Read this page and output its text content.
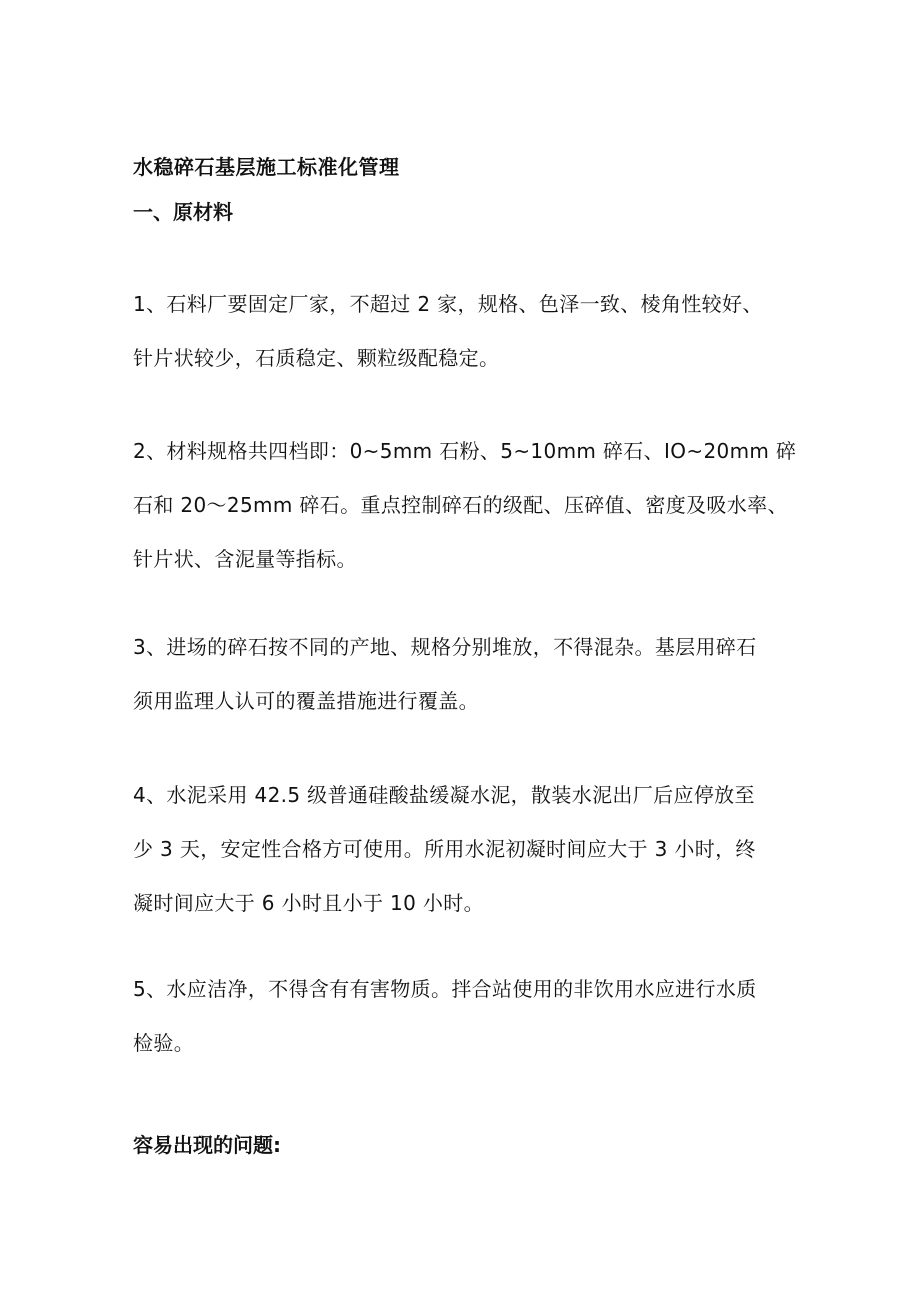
水稳碎石基层施工标准化管理
一、原材料

1、石料厂要固定厂家，不超过 2 家，规格、色泽一致、棱角性较好、
针片状较少，石质稳定、颗粒级配稳定。

2、材料规格共四档即：0~5mm 石粉、5~10mm 碎石、IO~20mm 碎
石和 20～25mm 碎石。重点控制碎石的级配、压碎值、密度及吸水率、
针片状、含泥量等指标。

3、进场的碎石按不同的产地、规格分别堆放，不得混杂。基层用碎石
须用监理人认可的覆盖措施进行覆盖。

4、水泥采用 42.5 级普通硅酸盐缓凝水泥，散装水泥出厂后应停放至
少 3 天，安定性合格方可使用。所用水泥初凝时间应大于 3 小时，终
凝时间应大于 6 小时且小于 10 小时。

5、水应洁净，不得含有有害物质。拌合站使用的非饮用水应进行水质
检验。

容易出现的问题:
